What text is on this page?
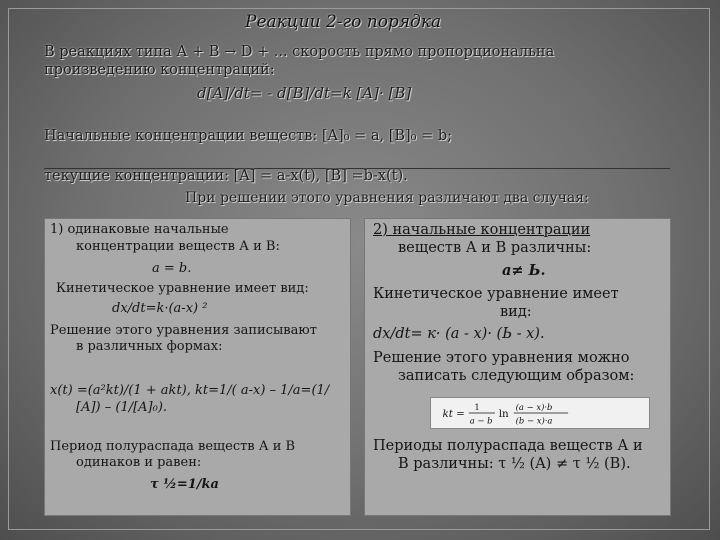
Реакции 2-го порядка
В реакциях типа А + В → D + ... скорость прямо пропорциональна
произведению концентраций:
d[A]/dt= - d[B]/dt=k [A]· [B]
Начальные концентрации веществ: [A]₀ = a, [B]₀ = b;
текущие концентрации: [A] = a-x(t), [B] =b-x(t).
При решении этого уравнения различают два случая:
1) одинаковые начальные
концентрации веществ А и В:
a = b.
Кинетическое уравнение имеет вид:
dx/dt=k·(a-x) ²
Решение этого уравнения записывают
в различных формах:
x(t) =(a²kt)/(1 + akt), kt=1/( a-x) – 1/a=(1/
[A]) – (1/[A]₀).
Период полураспада веществ А и В
одинаков и равен:
τ ½=1/ka
2) начальные концентрации
веществ А и В различны:
a≠ Ь.
Кинетическое уравнение имеет
вид:
dx/dt= к· (а - х)· (Ь - х).
Решение этого уравнения можно
записать следующим образом:
kt =
1
a − b
ln
(a − x)·b
(b − x)·a
Периоды полураспада веществ А и
В различны: τ ½ (A) ≠ τ ½ (B).
